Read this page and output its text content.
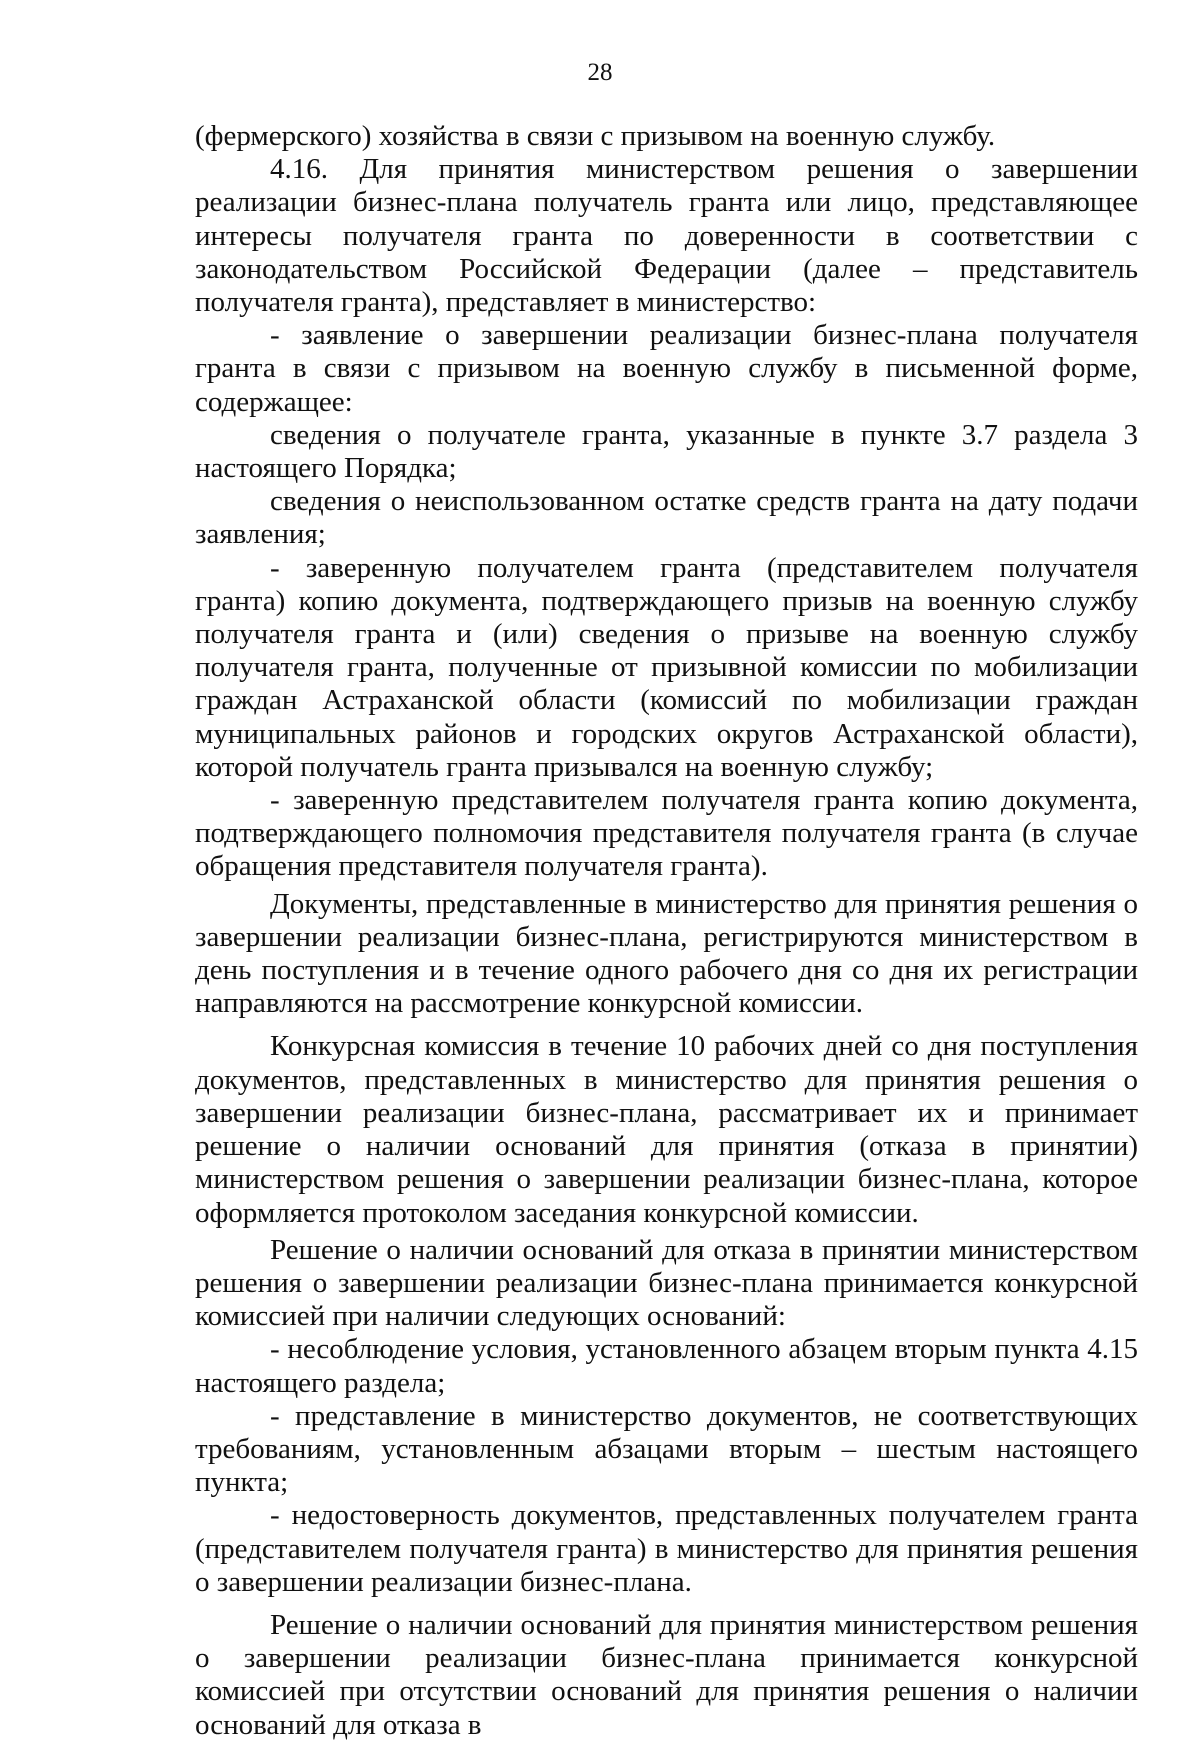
28

(фермерского) хозяйства в связи с призывом на военную службу.

4.16. Для принятия министерством решения о завершении реализации бизнес-плана получатель гранта или лицо, представляющее интересы получателя гранта по доверенности в соответствии с законодательством Российской Федерации (далее – представитель получателя гранта), представляет в министерство:

- заявление о завершении реализации бизнес-плана получателя гранта в связи с призывом на военную службу в письменной форме, содержащее:

сведения о получателе гранта, указанные в пункте 3.7 раздела 3 настоящего Порядка;

сведения о неиспользованном остатке средств гранта на дату подачи заявления;

- заверенную получателем гранта (представителем получателя гранта) копию документа, подтверждающего призыв на военную службу получателя гранта и (или) сведения о призыве на военную службу получателя гранта, полученные от призывной комиссии по мобилизации граждан Астраханской области (комиссий по мобилизации граждан муниципальных районов и городских округов Астраханской области), которой получатель гранта призывался на военную службу;

- заверенную представителем получателя гранта копию документа, подтверждающего полномочия представителя получателя гранта (в случае обращения представителя получателя гранта).

Документы, представленные в министерство для принятия решения о завершении реализации бизнес-плана, регистрируются министерством в день поступления и в течение одного рабочего дня со дня их регистрации направляются на рассмотрение конкурсной комиссии.

Конкурсная комиссия в течение 10 рабочих дней со дня поступления документов, представленных в министерство для принятия решения о завершении реализации бизнес-плана, рассматривает их и принимает решение о наличии оснований для принятия (отказа в принятии) министерством решения о завершении реализации бизнес-плана, которое оформляется протоколом заседания конкурсной комиссии.

Решение о наличии оснований для отказа в принятии министерством решения о завершении реализации бизнес-плана принимается конкурсной комиссией при наличии следующих оснований:

- несоблюдение условия, установленного абзацем вторым пункта 4.15 настоящего раздела;

- представление в министерство документов, не соответствующих требованиям, установленным абзацами вторым – шестым настоящего пункта;

- недостоверность документов, представленных получателем гранта (представителем получателя гранта) в министерство для принятия решения о завершении реализации бизнес-плана.

Решение о наличии оснований для принятия министерством решения о завершении реализации бизнес-плана принимается конкурсной комиссией при отсутствии оснований для принятия решения о наличии оснований для отказа в
